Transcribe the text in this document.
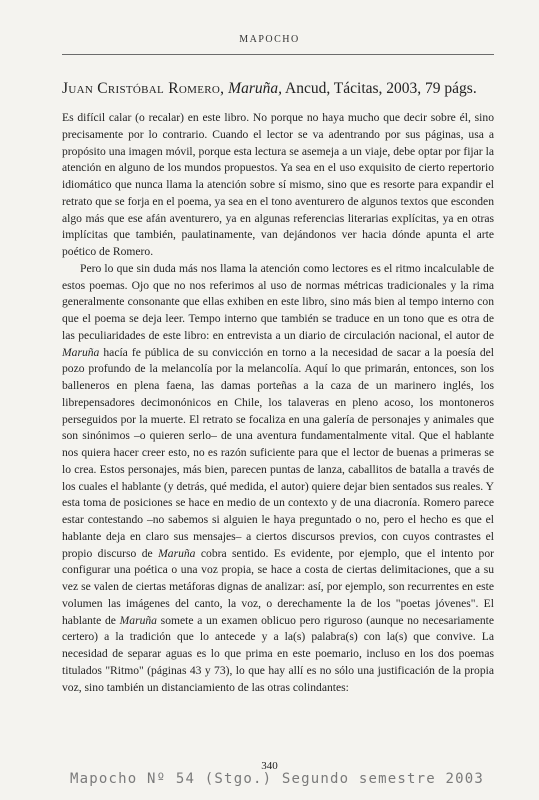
MAPOCHO
Juan Cristóbal Romero, Maruña, Ancud, Tácitas, 2003, 79 págs.

Es difícil calar (o recalar) en este libro. No porque no haya mucho que decir sobre él, sino precisamente por lo contrario. Cuando el lector se va adentrando por sus páginas, usa a propósito una imagen móvil, porque esta lectura se asemeja a un viaje, debe optar por fijar la atención en alguno de los mundos propuestos. Ya sea en el uso exquisito de cierto repertorio idiomático que nunca llama la atención sobre sí mismo, sino que es resorte para expandir el retrato que se forja en el poema, ya sea en el tono aventurero de algunos textos que esconden algo más que ese afán aventurero, ya en algunas referencias literarias explícitas, ya en otras implícitas que también, paulatinamente, van dejándonos ver hacia dónde apunta el arte poético de Romero.

Pero lo que sin duda más nos llama la atención como lectores es el ritmo incalculable de estos poemas. Ojo que no nos referimos al uso de normas métricas tradicionales y la rima generalmente consonante que ellas exhiben en este libro, sino más bien al tempo interno con que el poema se deja leer. Tempo interno que también se traduce en un tono que es otra de las peculiaridades de este libro: en entrevista a un diario de circulación nacional, el autor de Maruña hacía fe pública de su convicción en torno a la necesidad de sacar a la poesía del pozo profundo de la melancolía por la melancolía. Aquí lo que primarán, entonces, son los balleneros en plena faena, las damas porteñas a la caza de un marinero inglés, los librepensadores decimonónicos en Chile, los talaveras en pleno acoso, los montoneros perseguidos por la muerte. El retrato se focaliza en una galería de personajes y animales que son sinónimos –o quieren serlo– de una aventura fundamentalmente vital. Que el hablante nos quiera hacer creer esto, no es razón suficiente para que el lector de buenas a primeras se lo crea. Estos personajes, más bien, parecen puntas de lanza, caballitos de batalla a través de los cuales el hablante (y detrás, qué medida, el autor) quiere dejar bien sentados sus reales. Y esta toma de posiciones se hace en medio de un contexto y de una diacronía. Romero parece estar contestando –no sabemos si alguien le haya preguntado o no, pero el hecho es que el hablante deja en claro sus mensajes– a ciertos discursos previos, con cuyos contrastes el propio discurso de Maruña cobra sentido. Es evidente, por ejemplo, que el intento por configurar una poética o una voz propia, se hace a costa de ciertas delimitaciones, que a su vez se valen de ciertas metáforas dignas de analizar: así, por ejemplo, son recurrentes en este volumen las imágenes del canto, la voz, o derechamente la de los "poetas jóvenes". El hablante de Maruña somete a un examen oblicuo pero riguroso (aunque no necesariamente certero) a la tradición que lo antecede y a la(s) palabra(s) con la(s) que convive. La necesidad de separar aguas es lo que prima en este poemario, incluso en los dos poemas titulados "Ritmo" (páginas 43 y 73), lo que hay allí es no sólo una justificación de la propia voz, sino también un distanciamiento de las otras colindantes:

340
Mapocho Nº 54 (Stgo.) Segundo semestre 2003
